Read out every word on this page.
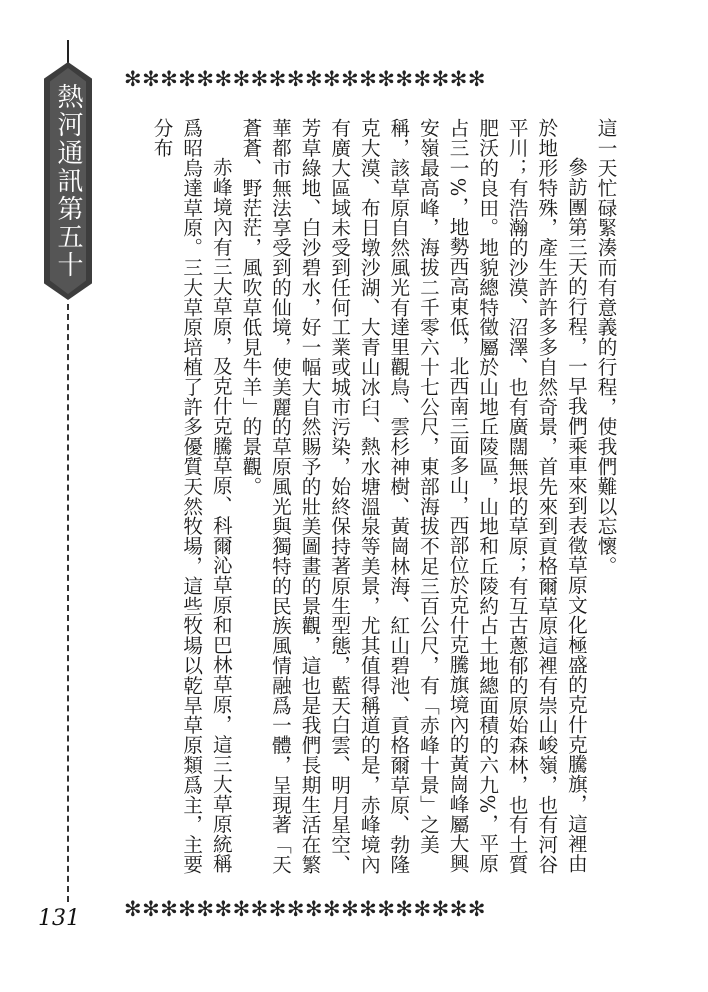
熱河通訊第五十九期
131
✻✻✻✻✻✻✻✻✻✻✻✻✻✻✻✻✻✻✻✻
✻✻✻✻✻✻✻✻✻✻✻✻✻✻✻✻✻✻✻✻

這一天忙碌緊湊而有意義的行程，使我們難以忘懷。

參訪團第三天的行程，一早我們乘車來到表徵草原文化極盛的克什克騰旗，這裡由於地形特殊，產生許許多多自然奇景，首先來到貢格爾草原這裡有崇山峻嶺，也有河谷平川；有浩瀚的沙漠、沼澤、也有廣闊無垠的草原；有互古蔥郁的原始森林，也有土質肥沃的良田。地貌總特徵屬於山地丘陵區，山地和丘陵約占土地總面積的六九%，平原占三一%，地勢西高東低，北西南三面多山，西部位於克什克騰旗境內的黃崗峰屬大興安嶺最高峰，海拔二千零六十七公尺，東部海拔不足三百公尺，有「赤峰十景」之美稱，該草原自然風光有達里觀鳥、雲杉神樹、黃崗林海、紅山碧池、貢格爾草原、勃隆克大漠、布日墩沙湖、大青山冰臼、熱水塘溫泉等美景，尤其值得稱道的是，赤峰境內有廣大區域未受到任何工業或城市污染，始終保持著原生型態，藍天白雲、明月星空、芳草綠地、白沙碧水，好一幅大自然賜予的壯美圖畫的景觀，這也是我們長期生活在繁華都市無法享受到的仙境，使美麗的草原風光與獨特的民族風情融爲一體，呈現著「天蒼蒼、野茫茫，風吹草低見牛羊」的景觀。

赤峰境內有三大草原，及克什克騰草原、科爾沁草原和巴林草原，這三大草原統稱爲昭烏達草原。三大草原培植了許多優質天然牧場，這些牧場以乾旱草原類爲主，主要分布
